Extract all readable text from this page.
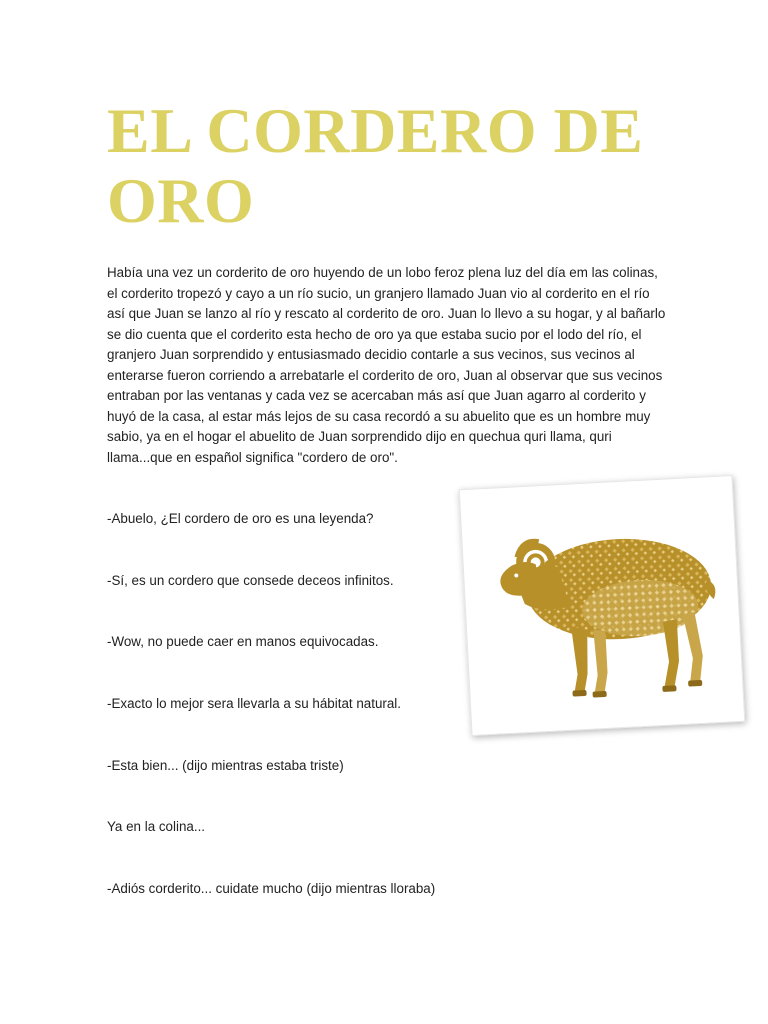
EL CORDERO DE
ORO

Había una vez un corderito de oro huyendo de un lobo feroz plena luz del día em las colinas, el corderito tropezó y cayo a un río sucio, un granjero llamado Juan vio al corderito en el río así que Juan se lanzo al río y rescato al corderito de oro. Juan lo llevo a su hogar, y al bañarlo se dio cuenta que el corderito esta hecho de oro ya que estaba sucio por el lodo del río, el granjero Juan sorprendido y entusiasmado decidio contarle a sus vecinos, sus vecinos al enterarse fueron corriendo a arrebatarle el corderito de oro, Juan al observar que sus vecinos entraban por las ventanas y cada vez se acercaban más así que Juan agarro al corderito y huyó de la casa, al estar más lejos de su casa recordó a su abuelito que es un hombre muy sabio, ya en el hogar el abuelito de Juan sorprendido dijo en quechua quri llama, quri llama...que en español significa "cordero de oro".

-Abuelo, ¿El cordero de oro es una leyenda?

-Sí, es un cordero que consede deceos infinitos.

-Wow, no puede caer en manos equivocadas.

-Exacto lo mejor sera llevarla a su hábitat natural.

-Esta bien... (dijo mientras estaba triste)

Ya en la colina...

-Adiós corderito... cuidate mucho (dijo mientras lloraba)
